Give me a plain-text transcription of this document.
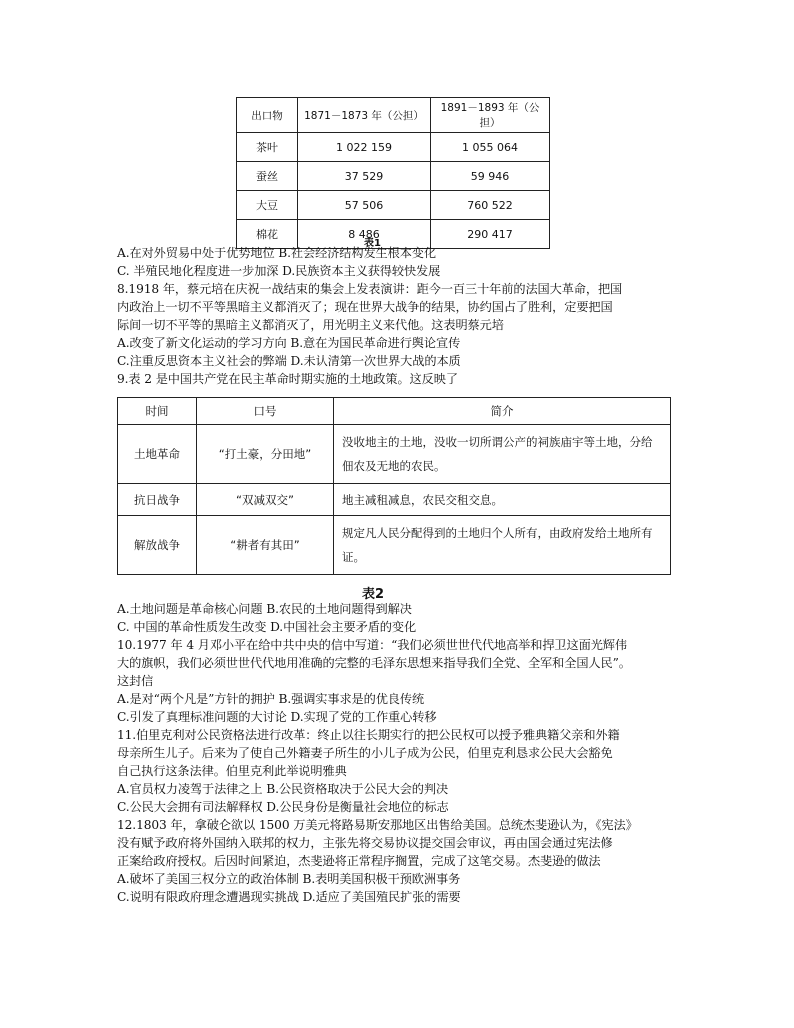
出口物	1871－1873 年（公担）	1891－1893 年（公担）
茶叶	1 022 159	1 055 064
蚕丝	37 529	59 946
大豆	57 506	760 522
棉花	8 486	290 417
表1
A.在对外贸易中处于优势地位 B.社会经济结构发生根本变化
C. 半殖民地化程度进一步加深 D.民族资本主义获得较快发展
8.1918 年，蔡元培在庆祝一战结束的集会上发表演讲：距今一百三十年前的法国大革命，把国
内政治上一切不平等黑暗主义都消灭了；现在世界大战争的结果，协约国占了胜利，定要把国
际间一切不平等的黑暗主义都消灭了，用光明主义来代他。这表明蔡元培
A.改变了新文化运动的学习方向 B.意在为国民革命进行舆论宣传
C.注重反思资本主义社会的弊端 D.未认清第一次世界大战的本质
9.表 2 是中国共产党在民主革命时期实施的土地政策。这反映了
时间	口号	简介
土地革命	“打土豪，分田地”	没收地主的土地，没收一切所谓公产的祠族庙宇等土地，分给佃农及无地的农民。
抗日战争	“双减双交”	地主减租减息，农民交租交息。
解放战争	“耕者有其田”	规定凡人民分配得到的土地归个人所有，由政府发给土地所有证。
表2
A.土地问题是革命核心问题 B.农民的土地问题得到解决
C. 中国的革命性质发生改变 D.中国社会主要矛盾的变化
10.1977 年 4 月邓小平在给中共中央的信中写道：“我们必须世世代代地高举和捍卫这面光辉伟
大的旗帜，我们必须世世代代地用准确的完整的毛泽东思想来指导我们全党、全军和全国人民”。
这封信
A.是对“两个凡是”方针的拥护 B.强调实事求是的优良传统
C.引发了真理标准问题的大讨论 D.实现了党的工作重心转移
11.伯里克利对公民资格法进行改革：终止以往长期实行的把公民权可以授予雅典籍父亲和外籍
母亲所生儿子。后来为了使自己外籍妻子所生的小儿子成为公民，伯里克利恳求公民大会豁免
自己执行这条法律。伯里克利此举说明雅典
A.官员权力凌驾于法律之上 B.公民资格取决于公民大会的判决
C.公民大会拥有司法解释权 D.公民身份是衡量社会地位的标志
12.1803 年，拿破仑欲以 1500 万美元将路易斯安那地区出售给美国。总统杰斐逊认为，《宪法》
没有赋予政府将外国纳入联邦的权力，主张先将交易协议提交国会审议，再由国会通过宪法修
正案给政府授权。后因时间紧迫，杰斐逊将正常程序搁置，完成了这笔交易。杰斐逊的做法
A.破坏了美国三权分立的政治体制 B.表明美国积极干预欧洲事务
C.说明有限政府理念遭遇现实挑战 D.适应了美国殖民扩张的需要
